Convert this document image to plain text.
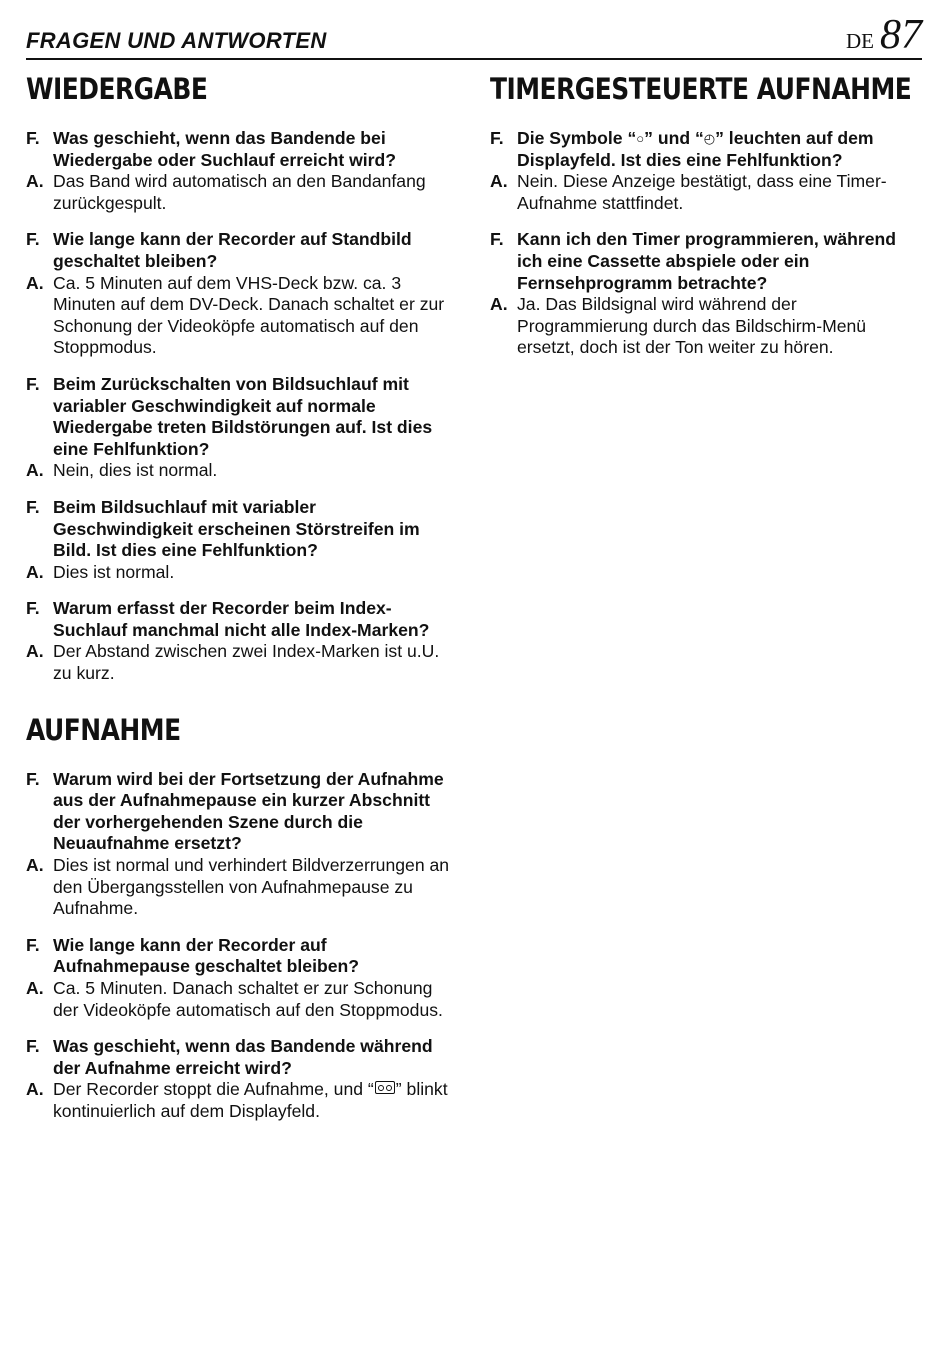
FRAGEN UND ANTWORTEN	DE 87
WIEDERGABE
F. Was geschieht, wenn das Bandende bei Wiedergabe oder Suchlauf erreicht wird?
A. Das Band wird automatisch an den Bandanfang zurückgespult.
F. Wie lange kann der Recorder auf Standbild geschaltet bleiben?
A. Ca. 5 Minuten auf dem VHS-Deck bzw. ca. 3 Minuten auf dem DV-Deck. Danach schaltet er zur Schonung der Videoköpfe automatisch auf den Stoppmodus.
F. Beim Zurückschalten von Bildsuchlauf mit variabler Geschwindigkeit auf normale Wiedergabe treten Bildstörungen auf. Ist dies eine Fehlfunktion?
A. Nein, dies ist normal.
F. Beim Bildsuchlauf mit variabler Geschwindigkeit erscheinen Störstreifen im Bild. Ist dies eine Fehlfunktion?
A. Dies ist normal.
F. Warum erfasst der Recorder beim Index-Suchlauf manchmal nicht alle Index-Marken?
A. Der Abstand zwischen zwei Index-Marken ist u.U. zu kurz.
AUFNAHME
F. Warum wird bei der Fortsetzung der Aufnahme aus der Aufnahmepause ein kurzer Abschnitt der vorhergehenden Szene durch die Neuaufnahme ersetzt?
A. Dies ist normal und verhindert Bildverzerrungen an den Übergangsstellen von Aufnahmepause zu Aufnahme.
F. Wie lange kann der Recorder auf Aufnahmepause geschaltet bleiben?
A. Ca. 5 Minuten. Danach schaltet er zur Schonung der Videoköpfe automatisch auf den Stoppmodus.
F. Was geschieht, wenn das Bandende während der Aufnahme erreicht wird?
A. Der Recorder stoppt die Aufnahme, und “ ” blinkt kontinuierlich auf dem Displayfeld.
TIMERGESTEUERTE AUFNAHME
F. Die Symbole “○” und “◴” leuchten auf dem Displayfeld. Ist dies eine Fehlfunktion?
A. Nein. Diese Anzeige bestätigt, dass eine Timer-Aufnahme stattfindet.
F. Kann ich den Timer programmieren, während ich eine Cassette abspiele oder ein Fernsehprogramm betrachte?
A. Ja. Das Bildsignal wird während der Programmierung durch das Bildschirm-Menü ersetzt, doch ist der Ton weiter zu hören.
